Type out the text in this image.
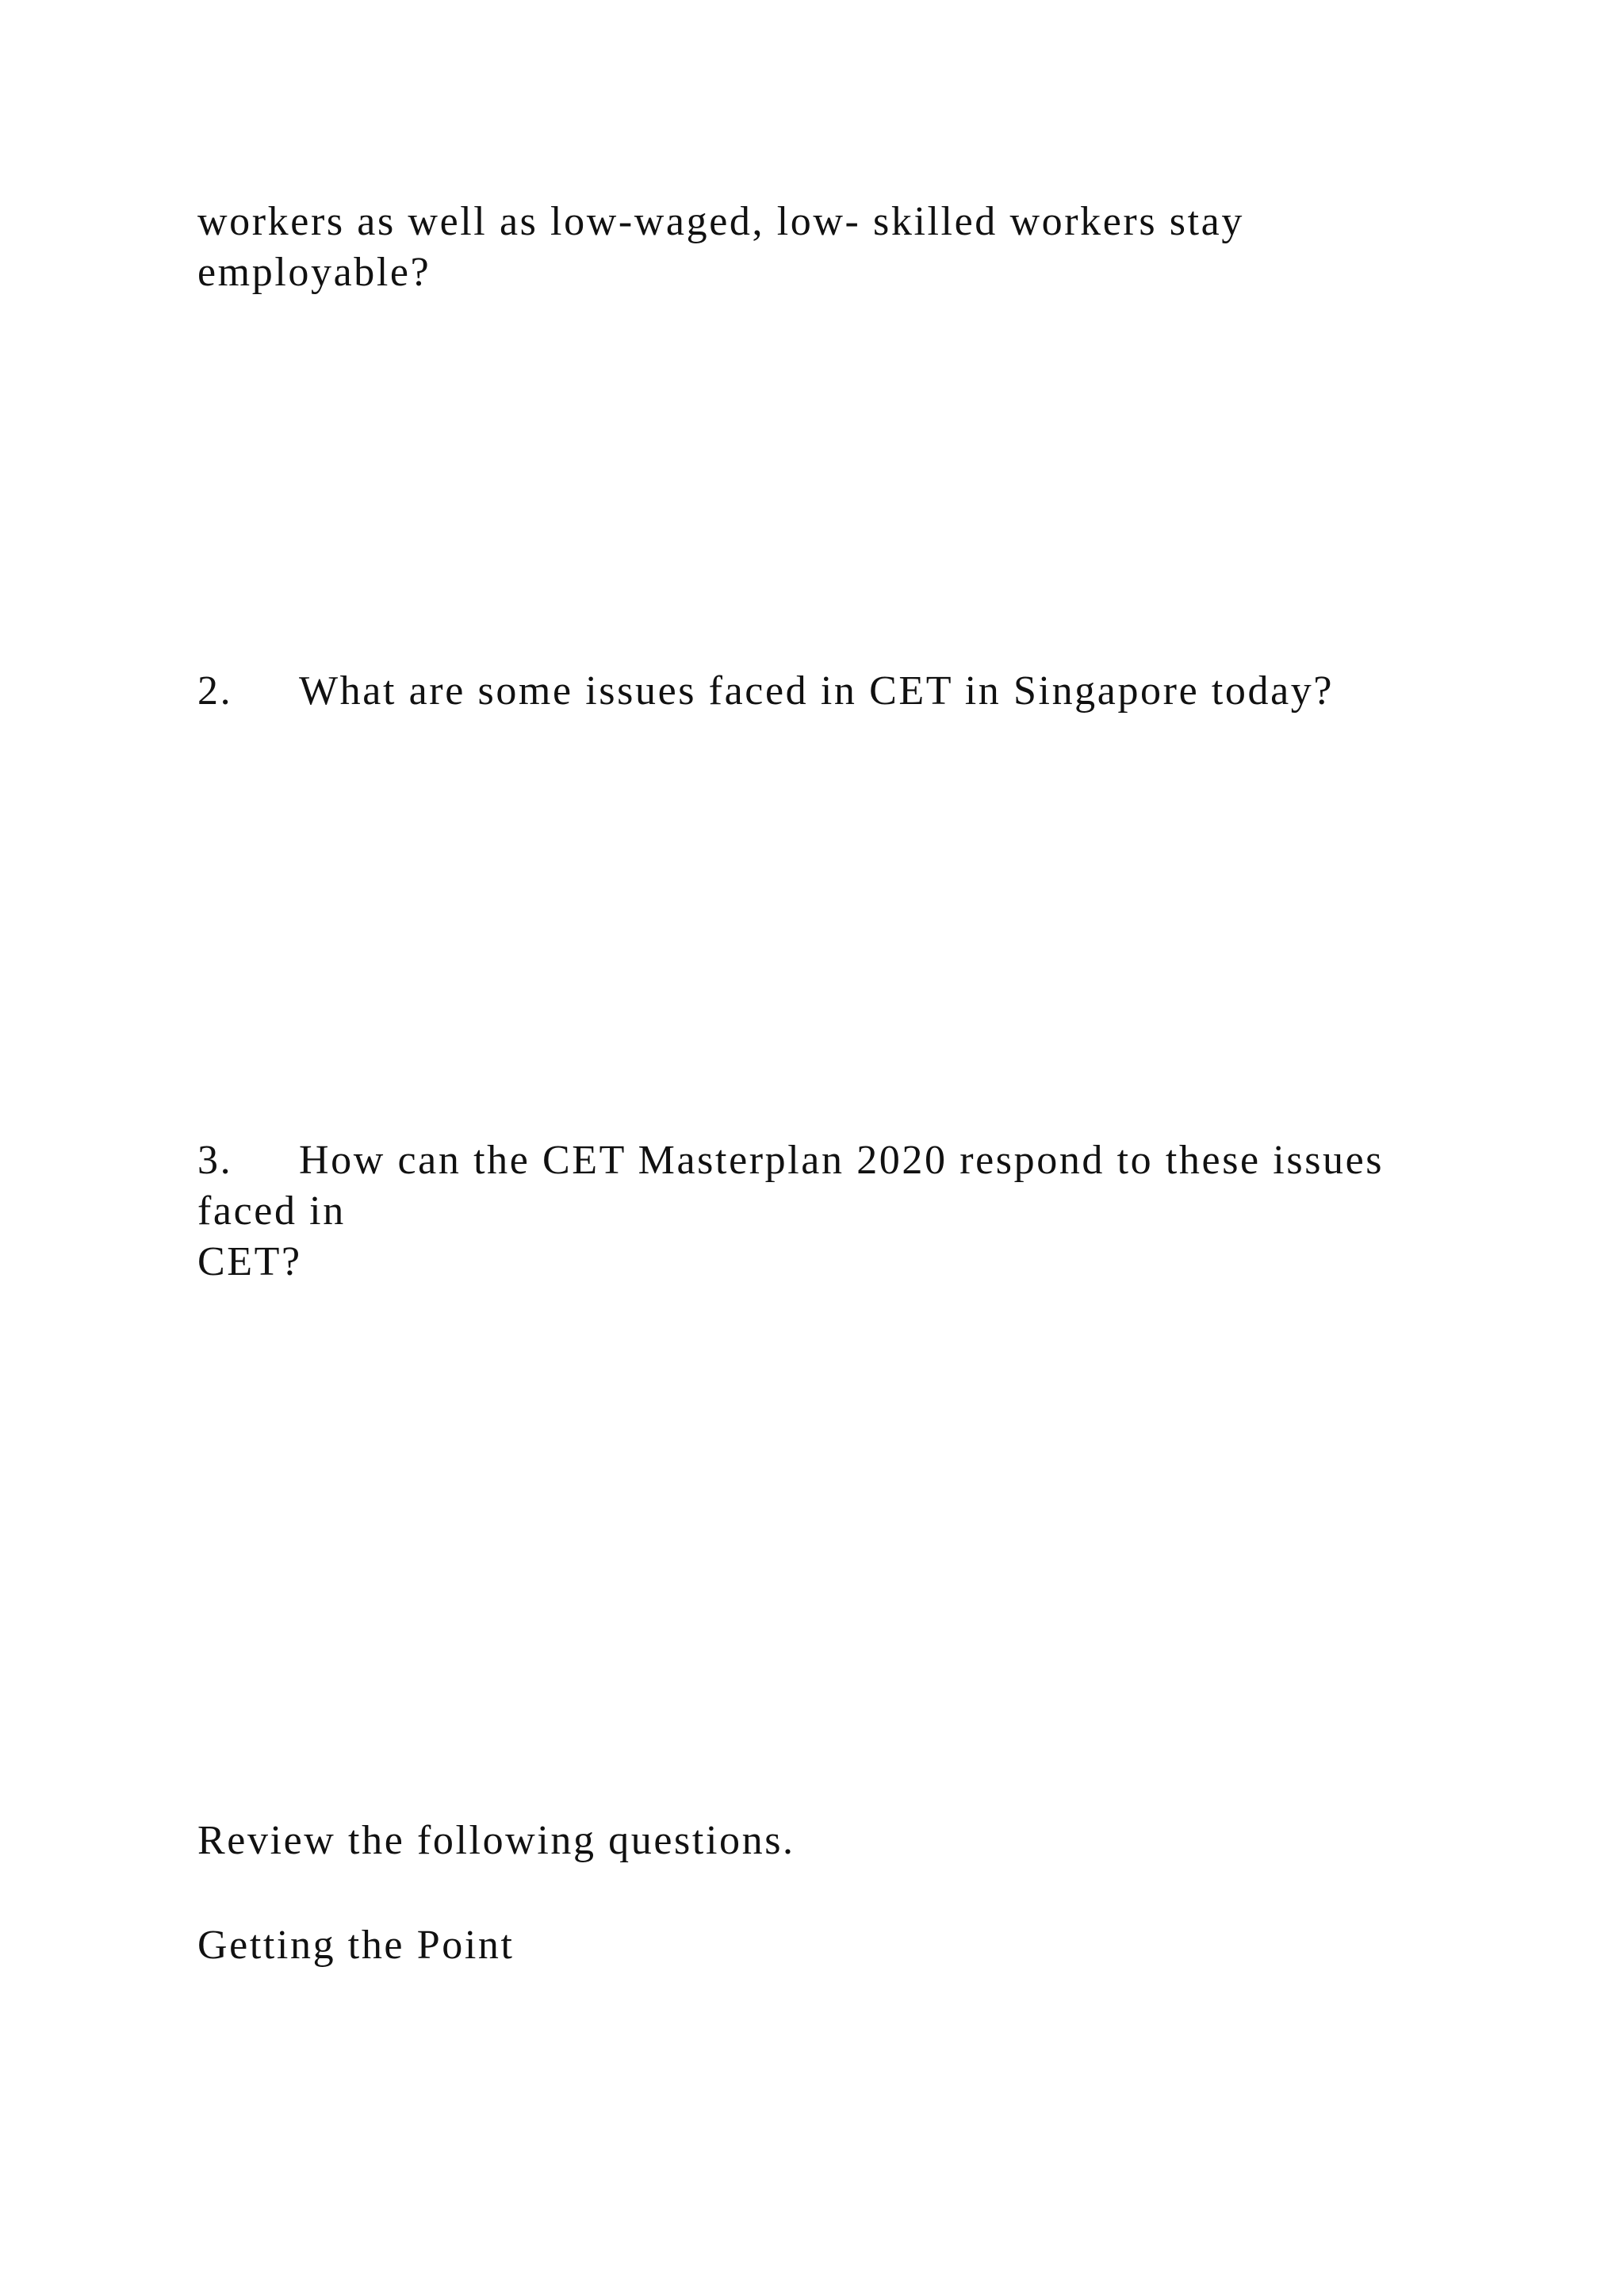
workers as well as low-waged, low- skilled workers stay

employable?

2. What are some issues faced in CET in Singapore today?

3. How can the CET Masterplan 2020 respond to these issues

faced in

CET?

Review the following questions.

Getting the Point
